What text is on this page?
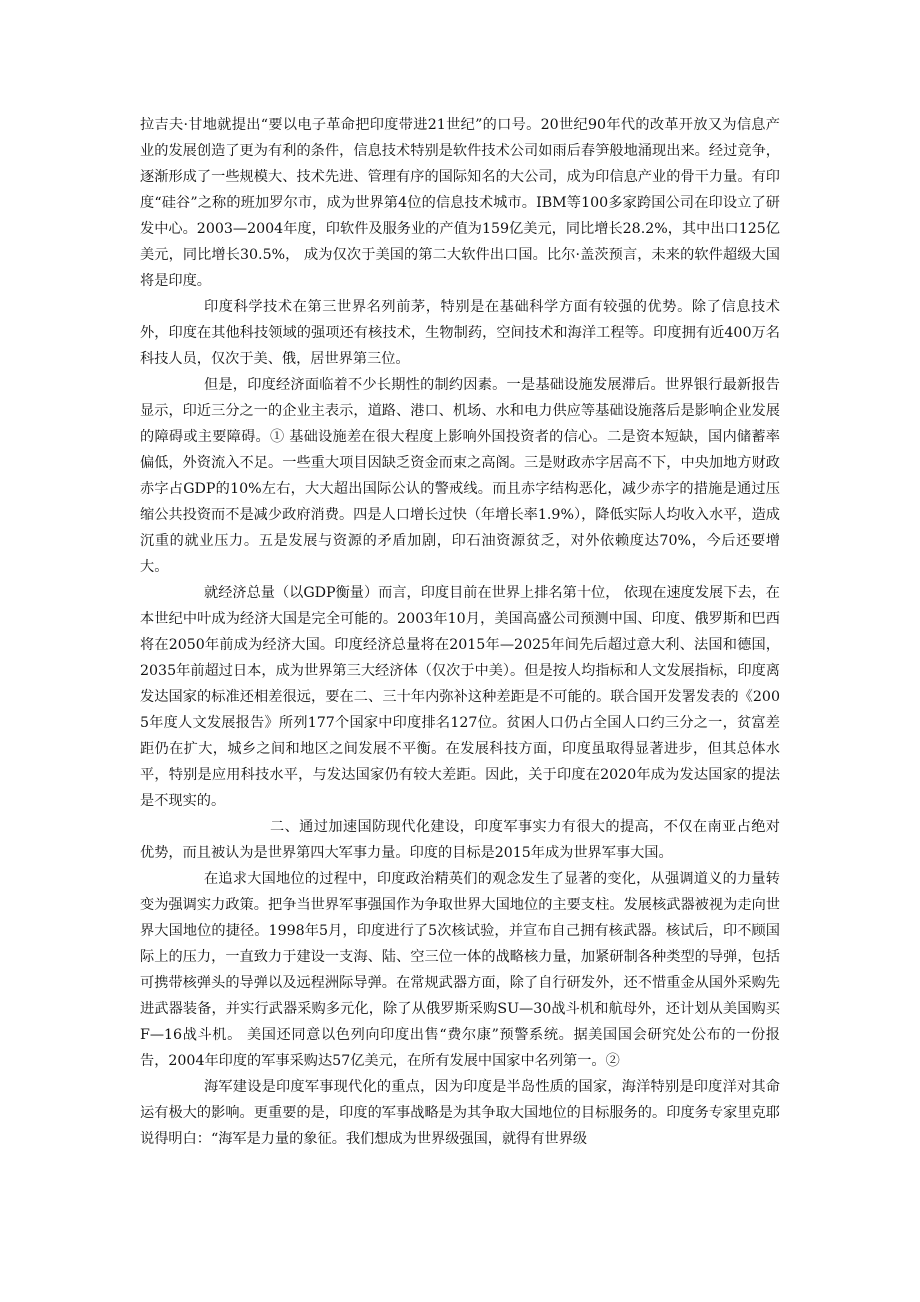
拉吉夫·甘地就提出“要以电子革命把印度带进21世纪”的口号。20世纪90年代的改革开放又为信息产业的发展创造了更为有利的条件，信息技术特别是软件技术公司如雨后春笋般地涌现出来。经过竞争，逐渐形成了一些规模大、技术先进、管理有序的国际知名的大公司，成为印信息产业的骨干力量。有印度“硅谷”之称的班加罗尔市，成为世界第4位的信息技术城市。IBM等100多家跨国公司在印设立了研发中心。2003—2004年度，印软件及服务业的产值为159亿美元，同比增长28.2%，其中出口125亿美元，同比增长30.5%， 成为仅次于美国的第二大软件出口国。比尔·盖茨预言，未来的软件超级大国将是印度。

印度科学技术在第三世界名列前茅，特别是在基础科学方面有较强的优势。除了信息技术外，印度在其他科技领域的强项还有核技术，生物制药，空间技术和海洋工程等。印度拥有近400万名科技人员，仅次于美、俄，居世界第三位。

但是，印度经济面临着不少长期性的制约因素。一是基础设施发展滞后。世界银行最新报告显示，印近三分之一的企业主表示，道路、港口、机场、水和电力供应等基础设施落后是影响企业发展的障碍或主要障碍。① 基础设施差在很大程度上影响外国投资者的信心。二是资本短缺，国内储蓄率偏低，外资流入不足。一些重大项目因缺乏资金而束之高阁。三是财政赤字居高不下，中央加地方财政赤字占GDP的10%左右，大大超出国际公认的警戒线。而且赤字结构恶化，减少赤字的措施是通过压缩公共投资而不是减少政府消费。四是人口增长过快（年增长率1.9%），降低实际人均收入水平，造成沉重的就业压力。五是发展与资源的矛盾加剧，印石油资源贫乏，对外依赖度达70%，今后还要增大。

就经济总量（以GDP衡量）而言，印度目前在世界上排名第十位， 依现在速度发展下去，在本世纪中叶成为经济大国是完全可能的。2003年10月，美国高盛公司预测中国、印度、俄罗斯和巴西将在2050年前成为经济大国。印度经济总量将在2015年—2025年间先后超过意大利、法国和德国，2035年前超过日本，成为世界第三大经济体（仅次于中美）。但是按人均指标和人文发展指标，印度离发达国家的标准还相差很远，要在二、三十年内弥补这种差距是不可能的。联合国开发署发表的《2005年度人文发展报告》所列177个国家中印度排名127位。贫困人口仍占全国人口约三分之一，贫富差距仍在扩大，城乡之间和地区之间发展不平衡。在发展科技方面，印度虽取得显著进步，但其总体水平，特别是应用科技水平，与发达国家仍有较大差距。因此，关于印度在2020年成为发达国家的提法是不现实的。

二、通过加速国防现代化建设，印度军事实力有很大的提高，不仅在南亚占绝对优势，而且被认为是世界第四大军事力量。印度的目标是2015年成为世界军事大国。

在追求大国地位的过程中，印度政治精英们的观念发生了显著的变化，从强调道义的力量转变为强调实力政策。把争当世界军事强国作为争取世界大国地位的主要支柱。发展核武器被视为走向世界大国地位的捷径。1998年5月，印度进行了5次核试验，并宣布自己拥有核武器。核试后，印不顾国际上的压力，一直致力于建设一支海、陆、空三位一体的战略核力量，加紧研制各种类型的导弹，包括可携带核弹头的导弹以及远程洲际导弹。在常规武器方面，除了自行研发外，还不惜重金从国外采购先进武器装备，并实行武器采购多元化，除了从俄罗斯采购SU—30战斗机和航母外，还计划从美国购买F—16战斗机。 美国还同意以色列向印度出售“费尔康”预警系统。据美国国会研究处公布的一份报告，2004年印度的军事采购达57亿美元，在所有发展中国家中名列第一。②

海军建设是印度军事现代化的重点，因为印度是半岛性质的国家，海洋特别是印度洋对其命运有极大的影响。更重要的是，印度的军事战略是为其争取大国地位的目标服务的。印度务专家里克耶说得明白：“海军是力量的象征。我们想成为世界级强国，就得有世界级
